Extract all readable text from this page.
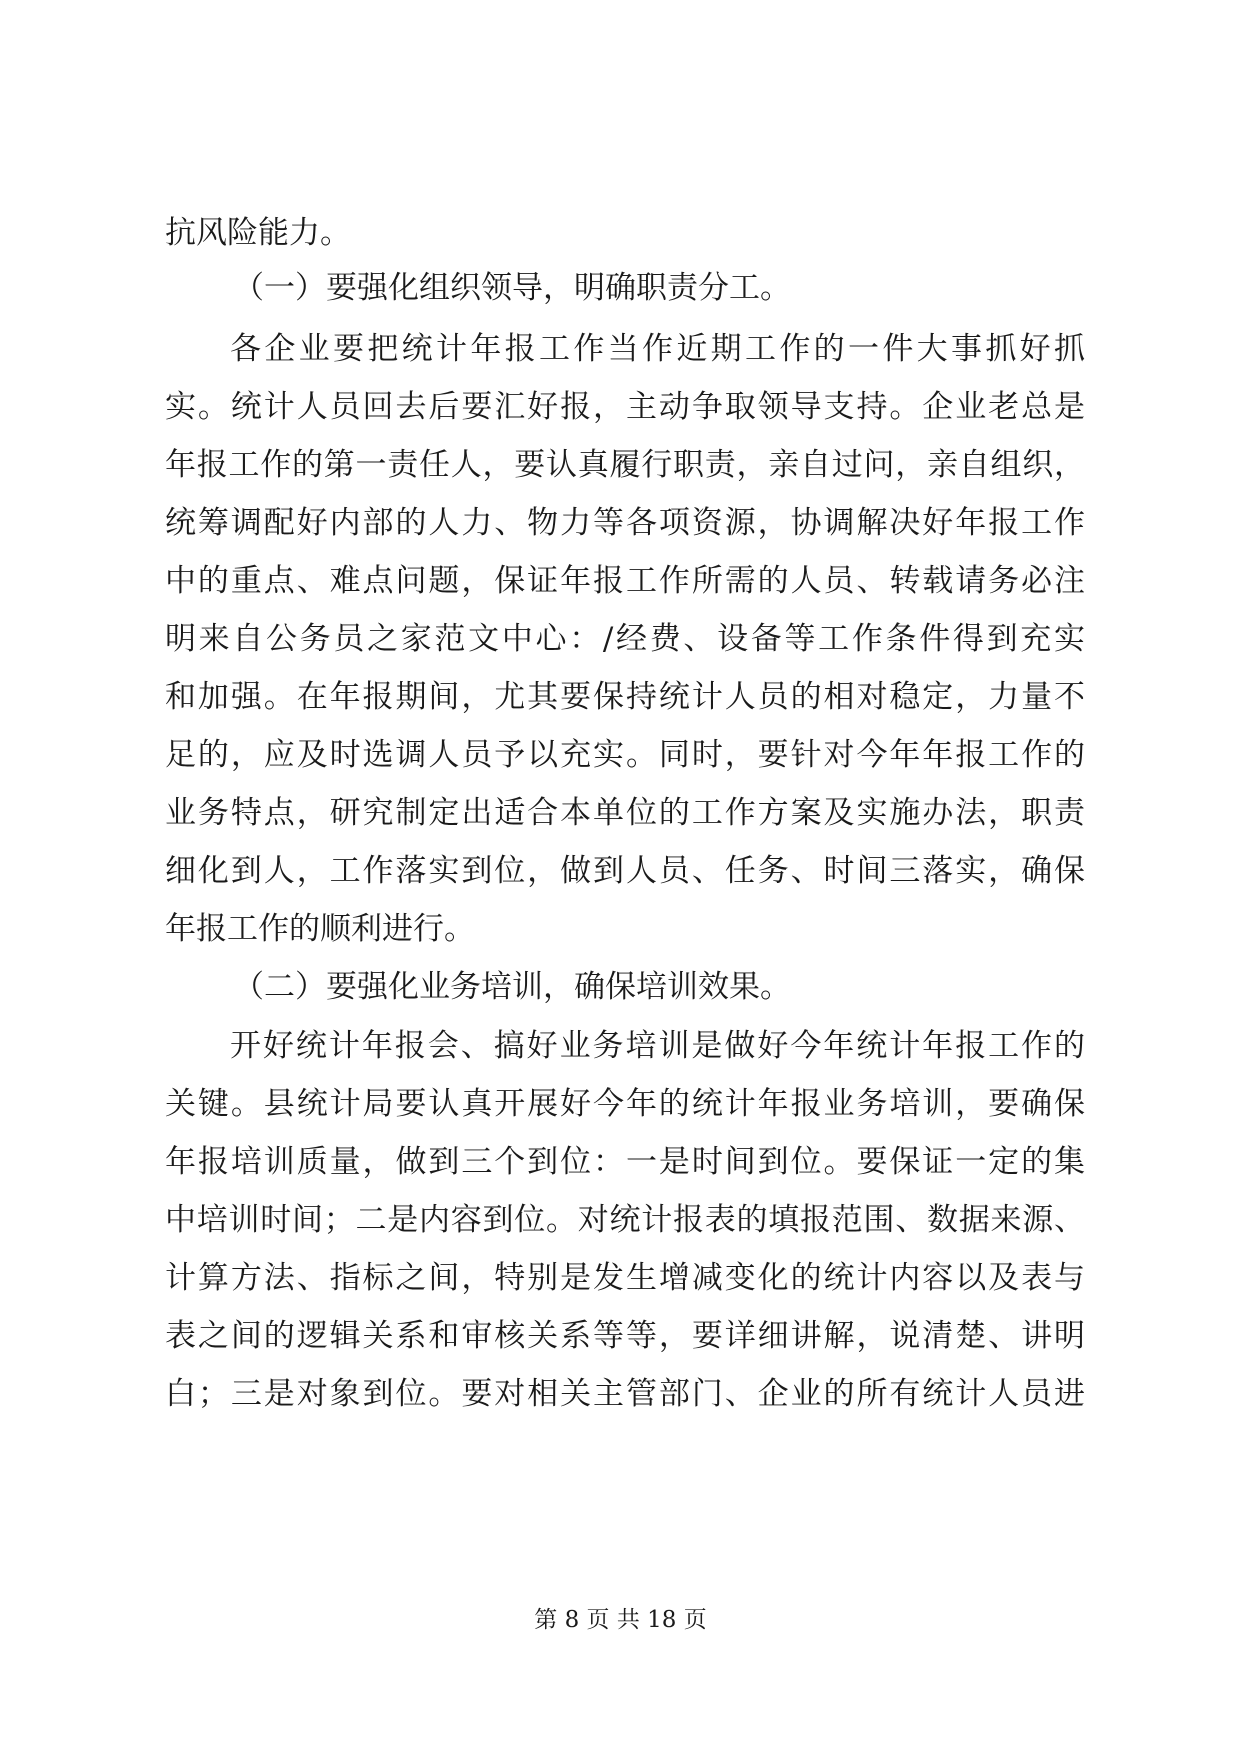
抗风险能力。
（一）要强化组织领导，明确职责分工。
各企业要把统计年报工作当作近期工作的一件大事抓好抓
实。统计人员回去后要汇好报，主动争取领导支持。企业老总是
年报工作的第一责任人，要认真履行职责，亲自过问，亲自组织，
统筹调配好内部的人力、物力等各项资源，协调解决好年报工作
中的重点、难点问题，保证年报工作所需的人员、转载请务必注
明来自公务员之家范文中心：/经费、设备等工作条件得到充实
和加强。在年报期间，尤其要保持统计人员的相对稳定，力量不
足的，应及时选调人员予以充实。同时，要针对今年年报工作的
业务特点，研究制定出适合本单位的工作方案及实施办法，职责
细化到人，工作落实到位，做到人员、任务、时间三落实，确保
年报工作的顺利进行。
（二）要强化业务培训，确保培训效果。
开好统计年报会、搞好业务培训是做好今年统计年报工作的
关键。县统计局要认真开展好今年的统计年报业务培训，要确保
年报培训质量，做到三个到位：一是时间到位。要保证一定的集
中培训时间；二是内容到位。对统计报表的填报范围、数据来源、
计算方法、指标之间，特别是发生增减变化的统计内容以及表与
表之间的逻辑关系和审核关系等等，要详细讲解，说清楚、讲明
白；三是对象到位。要对相关主管部门、企业的所有统计人员进
第 8 页 共 18 页
